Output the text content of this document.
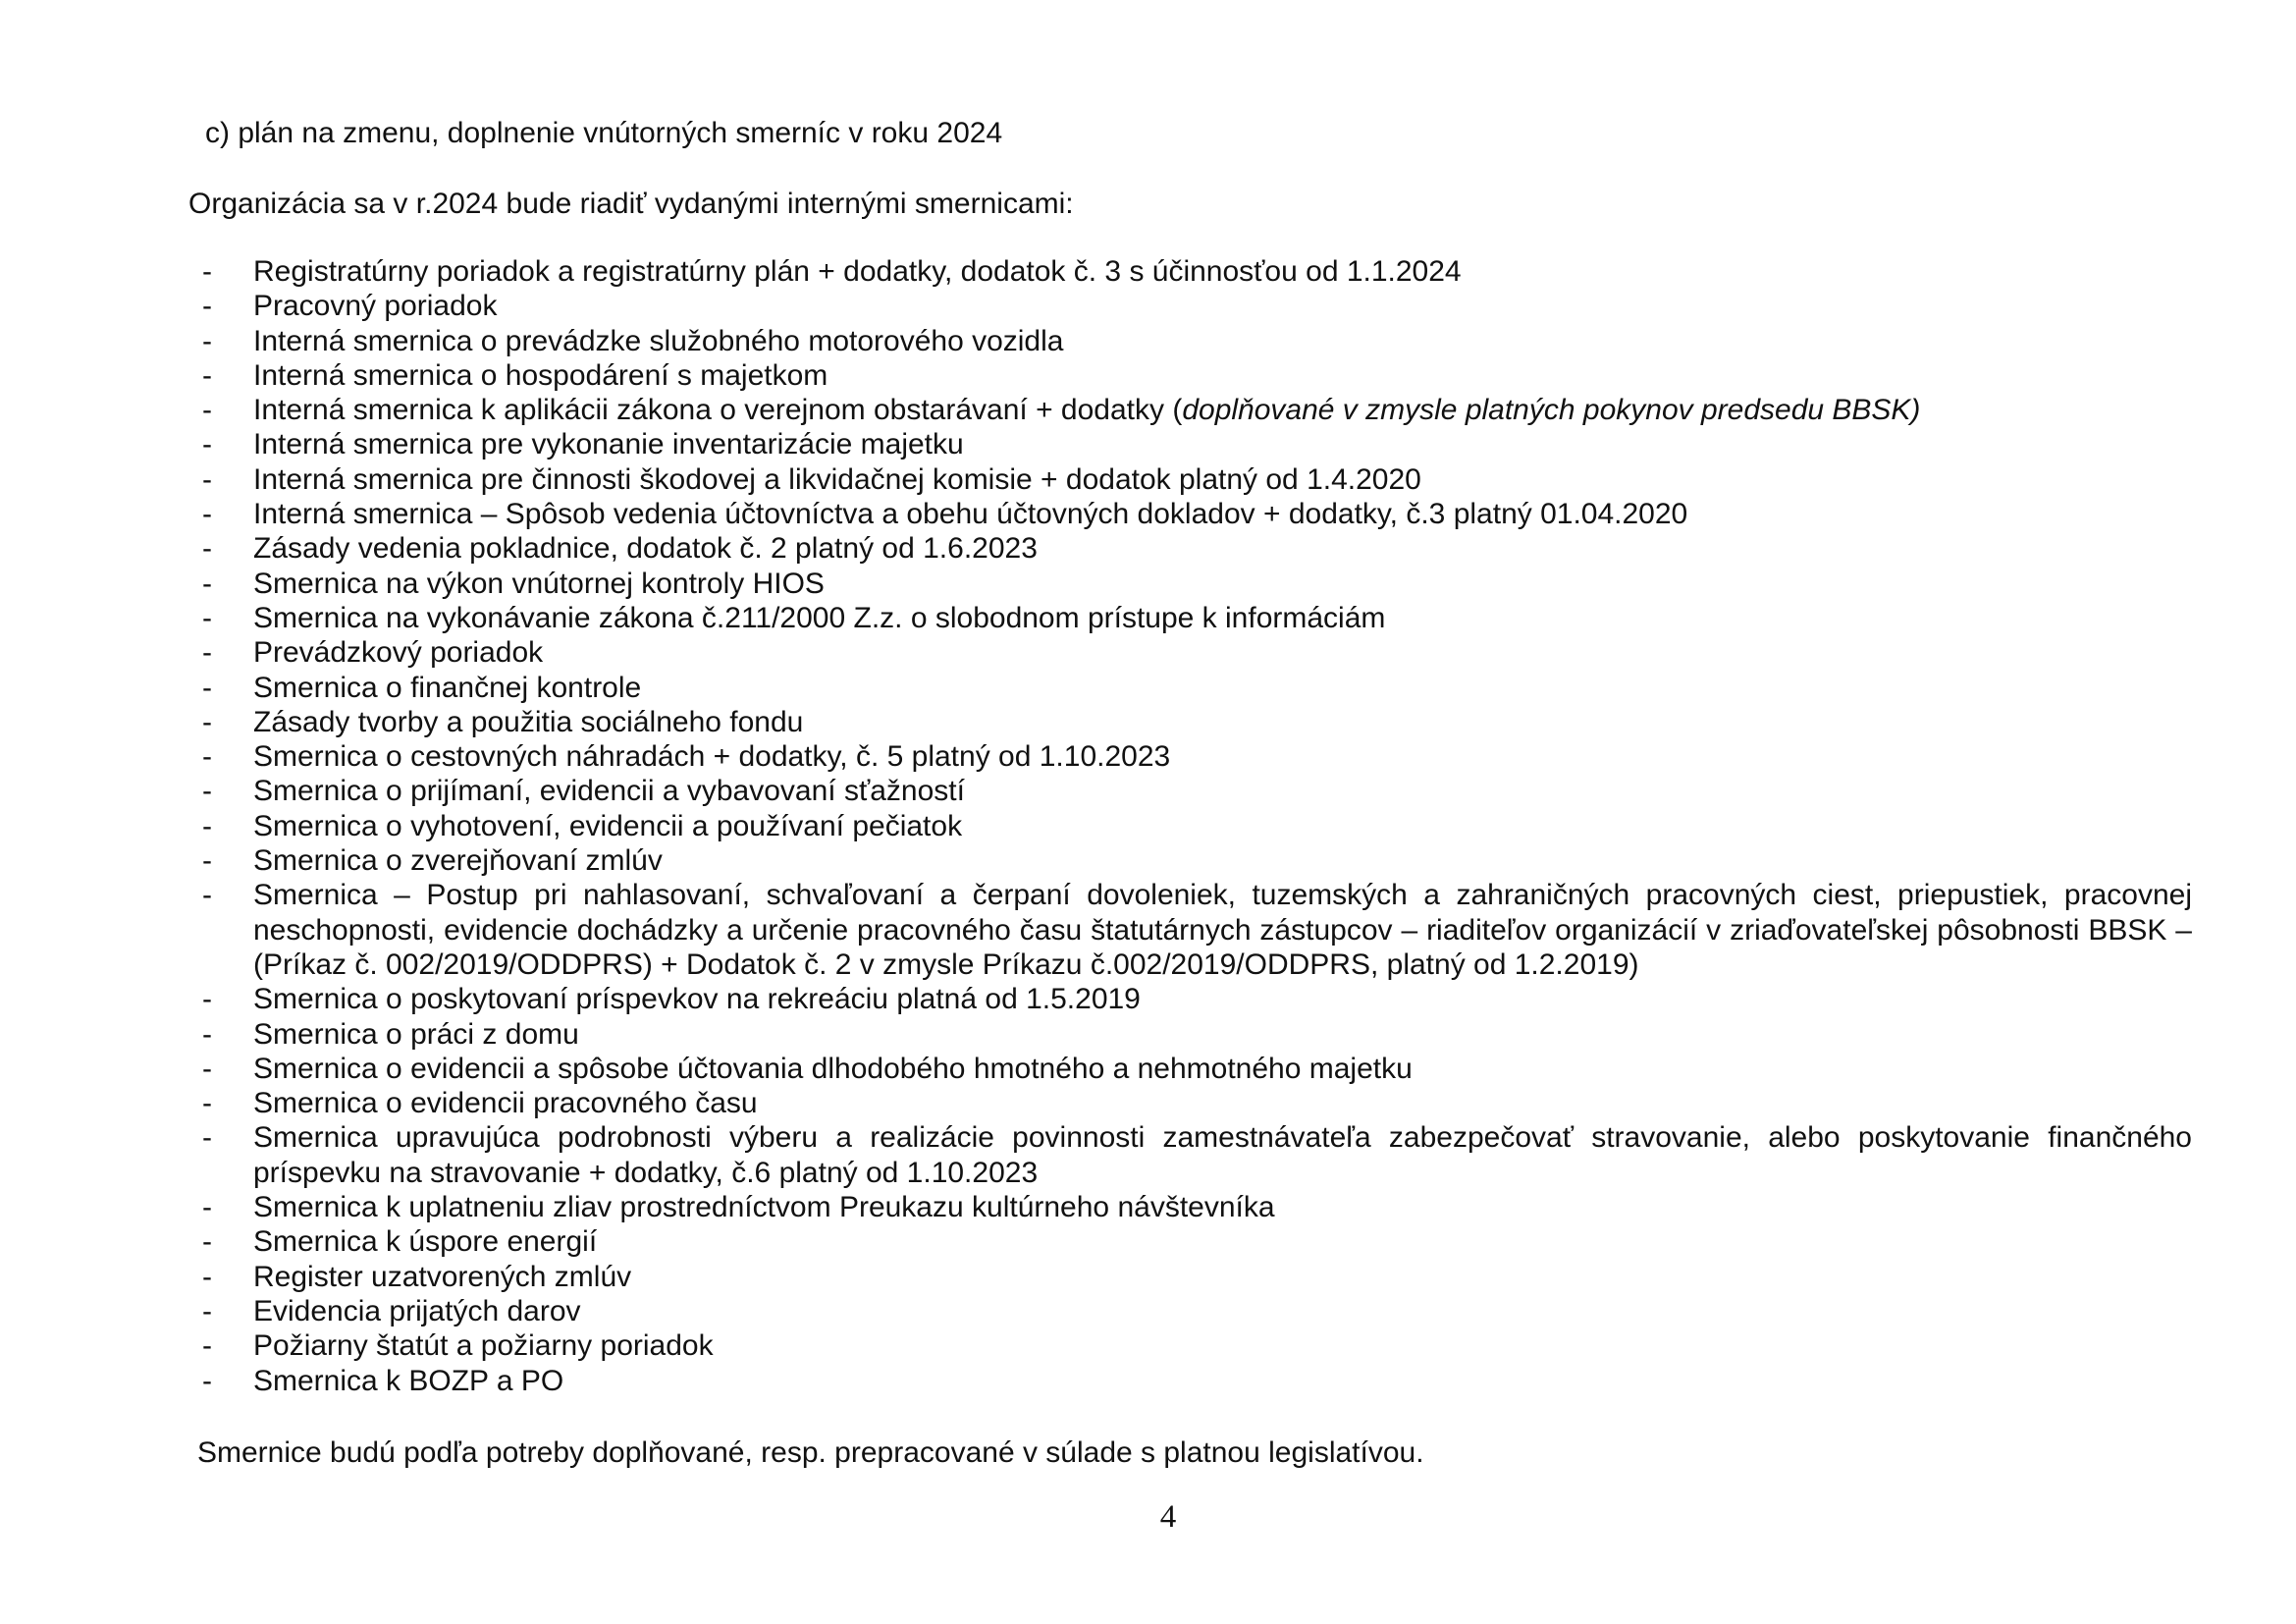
c) plán na zmenu, doplnenie vnútorných smerníc v roku 2024
Organizácia sa v r.2024 bude riadiť vydanými internými smernicami:
- Registratúrny poriadok a registratúrny plán + dodatky, dodatok č. 3 s účinnosťou od 1.1.2024
- Pracovný poriadok
- Interná smernica o prevádzke služobného motorového vozidla
- Interná smernica o hospodárení s majetkom
- Interná smernica k aplikácii zákona o verejnom obstarávaní + dodatky (doplňované v zmysle platných pokynov predsedu BBSK)
- Interná smernica pre vykonanie inventarizácie majetku
- Interná smernica pre činnosti škodovej a likvidačnej komisie + dodatok platný od 1.4.2020
- Interná smernica – Spôsob vedenia účtovníctva a obehu účtovných dokladov + dodatky, č.3 platný 01.04.2020
- Zásady vedenia pokladnice, dodatok č. 2 platný od 1.6.2023
- Smernica na výkon vnútornej kontroly HIOS
- Smernica na vykonávanie zákona č.211/2000 Z.z. o slobodnom prístupe k informáciám
- Prevádzkový poriadok
- Smernica o finančnej kontrole
- Zásady tvorby a použitia sociálneho fondu
- Smernica o cestovných náhradách + dodatky, č. 5 platný od 1.10.2023
- Smernica o prijímaní, evidencii a vybavovaní sťažností
- Smernica o vyhotovení, evidencii a používaní pečiatok
- Smernica o zverejňovaní zmlúv
- Smernica – Postup pri nahlasovaní, schvaľovaní a čerpaní dovoleniek, tuzemských a zahraničných pracovných ciest, priepustiek, pracovnej neschopnosti, evidencie dochádzky a určenie pracovného času štatutárnych zástupcov – riaditeľov organizácií v zriaďovateľskej pôsobnosti BBSK – (Príkaz č. 002/2019/ODDPRS) + Dodatok č. 2 v zmysle Príkazu č.002/2019/ODDPRS, platný od 1.2.2019)
- Smernica o poskytovaní príspevkov na rekreáciu platná od 1.5.2019
- Smernica o práci z domu
- Smernica o evidencii a spôsobe účtovania dlhodobého hmotného a nehmotného majetku
- Smernica o evidencii pracovného času
- Smernica upravujúca podrobnosti výberu a realizácie povinnosti zamestnávateľa zabezpečovať stravovanie, alebo poskytovanie finančného príspevku na stravovanie + dodatky, č.6 platný od 1.10.2023
- Smernica k uplatneniu zliav prostredníctvom Preukazu kultúrneho návštevníka
- Smernica k úspore energií
- Register uzatvorených zmlúv
- Evidencia prijatých darov
- Požiarny štatút a požiarny poriadok
- Smernica k BOZP a PO
Smernice budú podľa potreby doplňované, resp. prepracované v súlade s platnou legislatívou.
4
